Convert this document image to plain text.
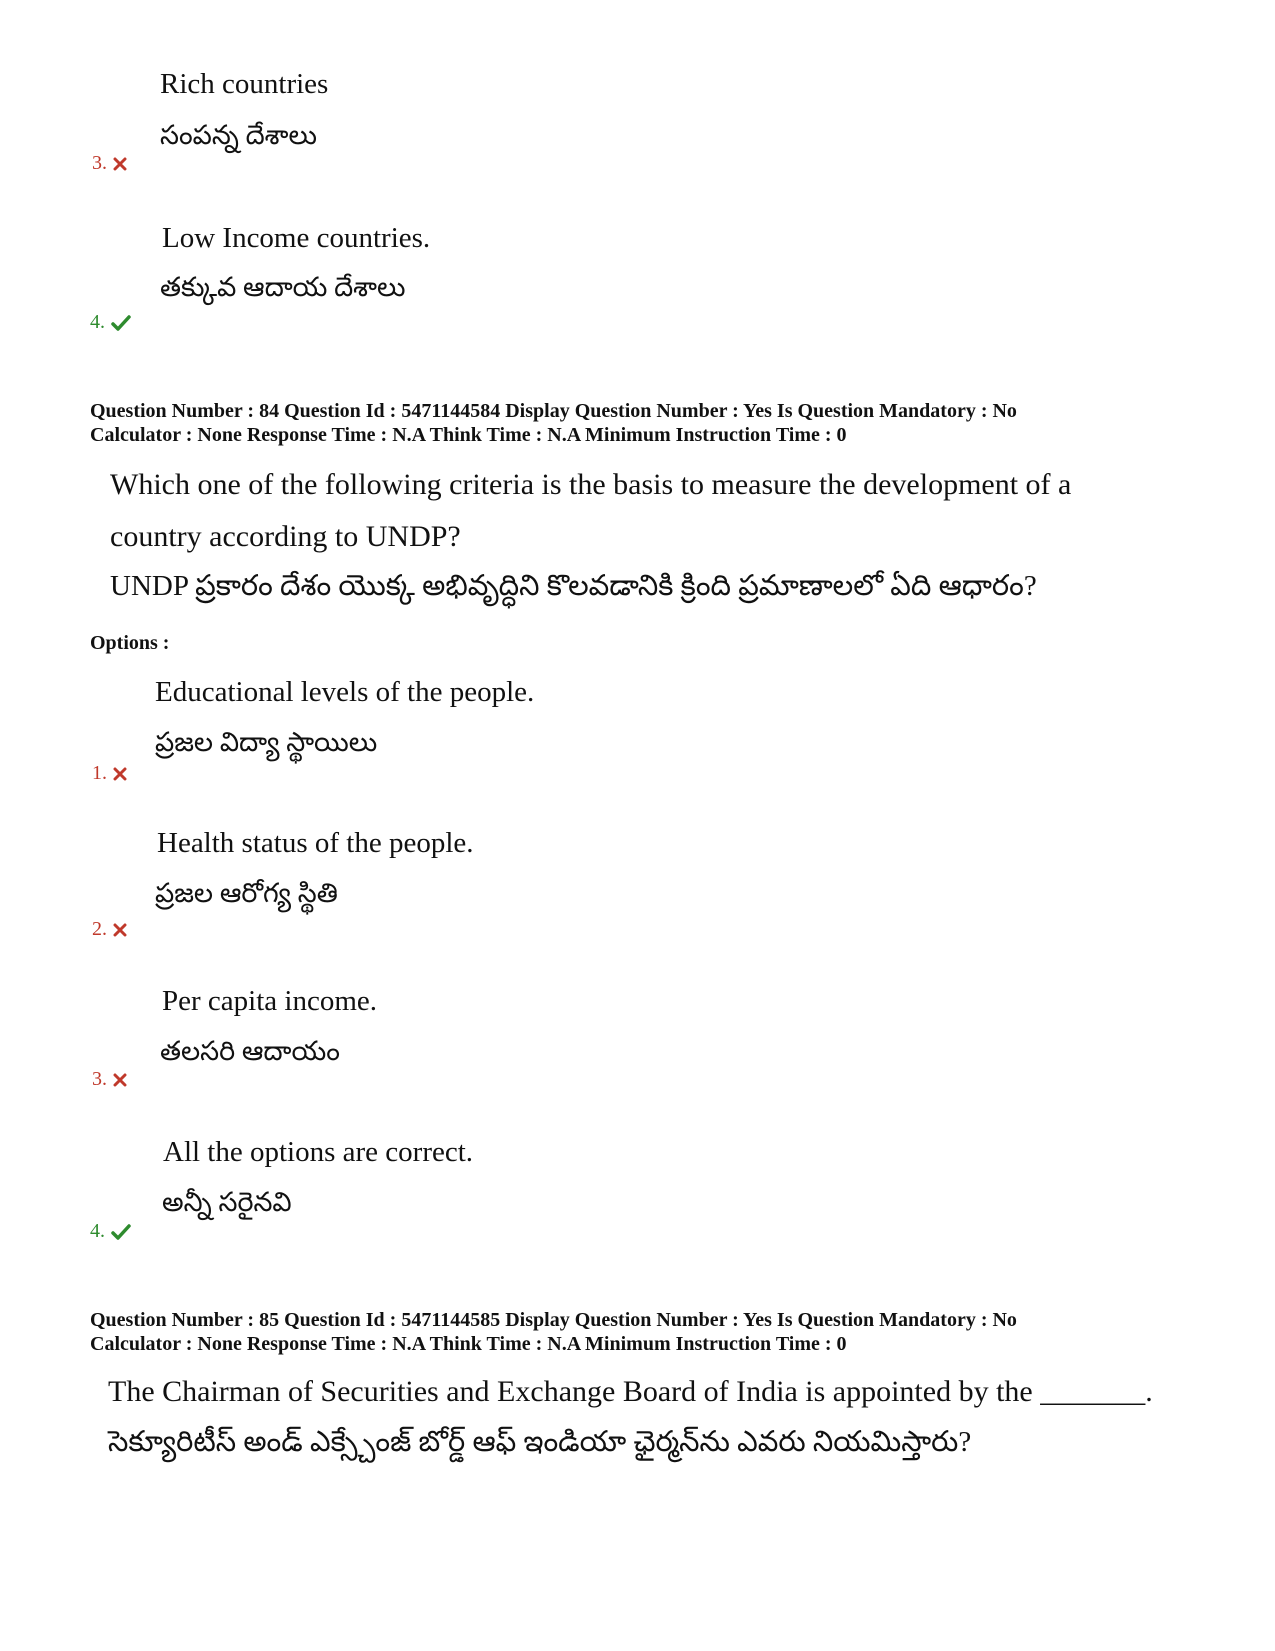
Rich countries
సంపన్న దేశాలు
3.
Low Income countries.
తక్కువ ఆదాయ దేశాలు
4.
Question Number : 84 Question Id : 5471144584 Display Question Number : Yes Is Question Mandatory : No
Calculator : None Response Time : N.A Think Time : N.A Minimum Instruction Time : 0
Which one of the following criteria is the basis to measure the development of a
country according to UNDP?
UNDP ప్రకారం దేశం యొక్క అభివృద్ధిని కొలవడానికి క్రింది ప్రమాణాలలో ఏది ఆధారం?
Options :
Educational levels of the people.
ప్రజల విద్యా స్థాయిలు
1.
Health status of the people.
ప్రజల ఆరోగ్య స్థితి
2.
Per capita income.
తలసరి ఆదాయం
3.
All the options are correct.
అన్నీ సరైనవి
4.
Question Number : 85 Question Id : 5471144585 Display Question Number : Yes Is Question Mandatory : No
Calculator : None Response Time : N.A Think Time : N.A Minimum Instruction Time : 0
The Chairman of Securities and Exchange Board of India is appointed by the _______.
సెక్యూరిటీస్ అండ్ ఎక్స్చేంజ్ బోర్డ్ ఆఫ్ ఇండియా ఛైర్మన్‌ను ఎవరు నియమిస్తారు?
